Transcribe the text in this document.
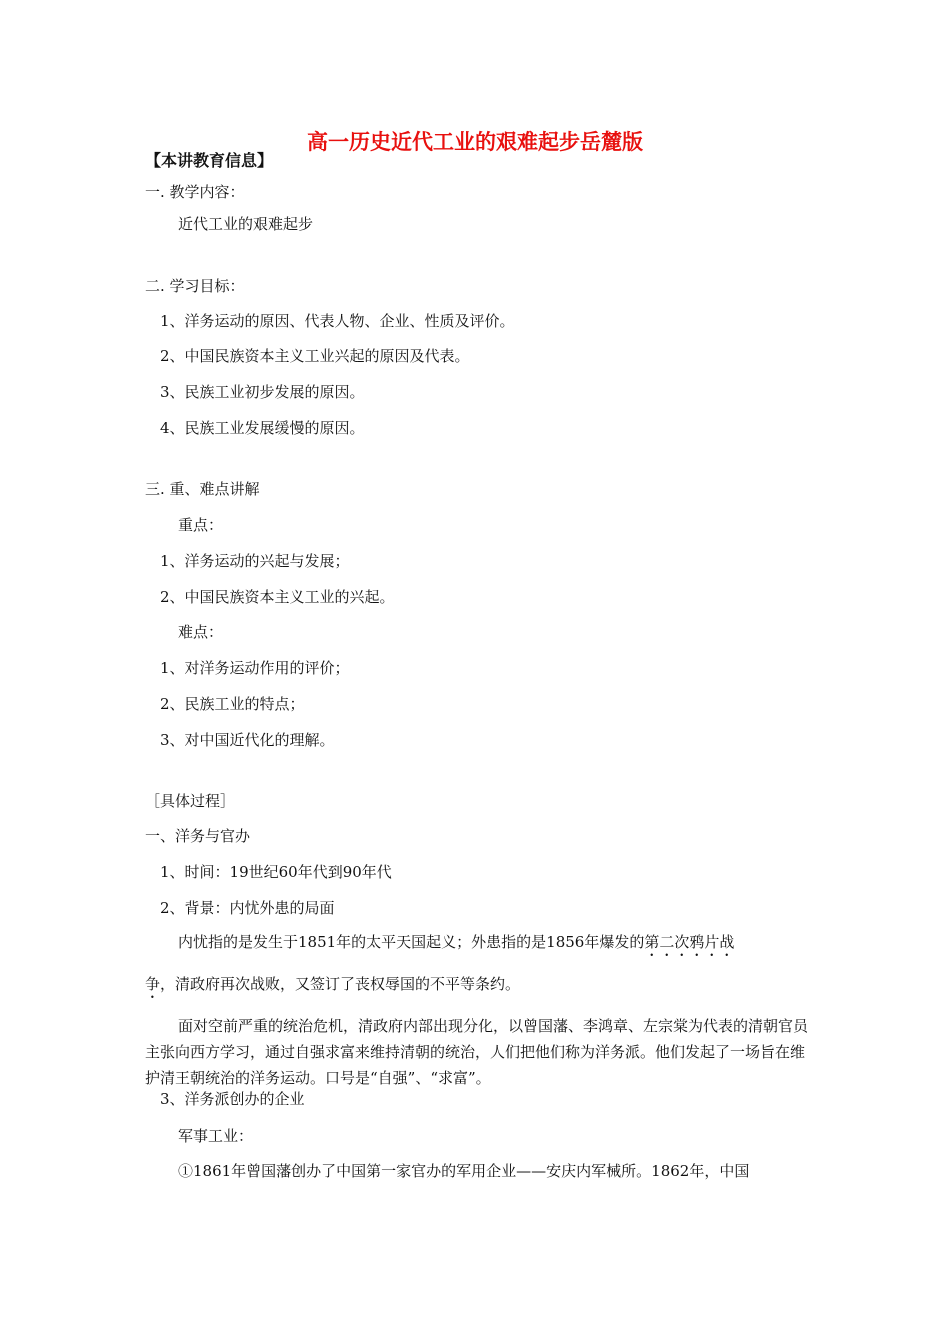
高一历史近代工业的艰难起步岳麓版
【本讲教育信息】
一. 教学内容：
近代工业的艰难起步
二. 学习目标：
1、洋务运动的原因、代表人物、企业、性质及评价。
2、中国民族资本主义工业兴起的原因及代表。
3、民族工业初步发展的原因。
4、民族工业发展缓慢的原因。
三. 重、难点讲解
重点：
1、洋务运动的兴起与发展；
2、中国民族资本主义工业的兴起。
难点：
1、对洋务运动作用的评价；
2、民族工业的特点；
3、对中国近代化的理解。
［具体过程］
一、洋务与官办
1、时间：19世纪60年代到90年代
2、背景：内忧外患的局面
内忧指的是发生于1851年的太平天国起义；外患指的是1856年爆发的第二次鸦片战
争，清政府再次战败，又签订了丧权辱国的不平等条约。
面对空前严重的统治危机，清政府内部出现分化，以曾国藩、李鸿章、左宗棠为代表的清朝官员主张向西方学习，通过自强求富来维持清朝的统治，人们把他们称为洋务派。他们发起了一场旨在维护清王朝统治的洋务运动。口号是“自强”、“求富”。
3、洋务派创办的企业
军事工业：
①1861年曾国藩创办了中国第一家官办的军用企业——安庆内军械所。1862年，中国
